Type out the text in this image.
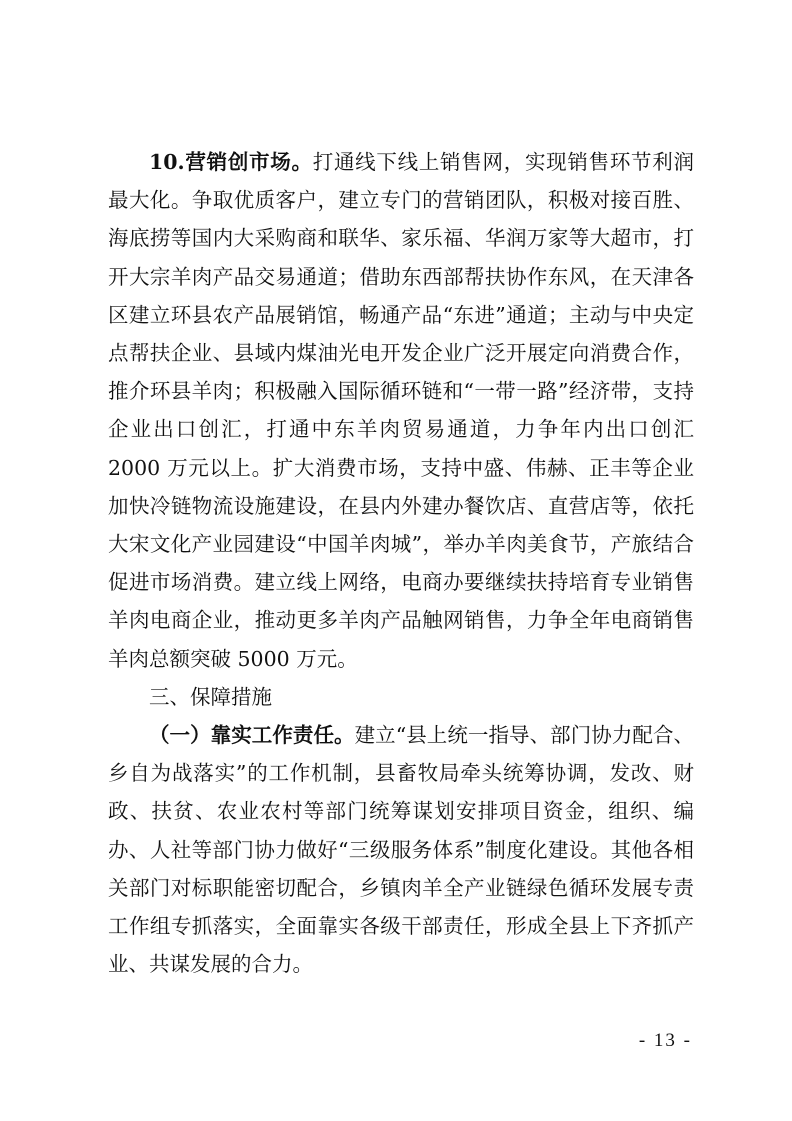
10.营销创市场。打通线下线上销售网，实现销售环节利润最大化。争取优质客户，建立专门的营销团队，积极对接百胜、海底捞等国内大采购商和联华、家乐福、华润万家等大超市，打开大宗羊肉产品交易通道；借助东西部帮扶协作东风，在天津各区建立环县农产品展销馆，畅通产品“东进”通道；主动与中央定点帮扶企业、县域内煤油光电开发企业广泛开展定向消费合作，推介环县羊肉；积极融入国际循环链和“一带一路”经济带，支持企业出口创汇，打通中东羊肉贸易通道，力争年内出口创汇 2000 万元以上。扩大消费市场，支持中盛、伟赫、正丰等企业加快冷链物流设施建设，在县内外建办餐饮店、直营店等，依托大宋文化产业园建设“中国羊肉城”，举办羊肉美食节，产旅结合促进市场消费。建立线上网络，电商办要继续扶持培育专业销售羊肉电商企业，推动更多羊肉产品触网销售，力争全年电商销售羊肉总额突破 5000 万元。

三、保障措施

（一）靠实工作责任。建立“县上统一指导、部门协力配合、乡自为战落实”的工作机制，县畜牧局牵头统筹协调，发改、财政、扶贫、农业农村等部门统筹谋划安排项目资金，组织、编办、人社等部门协力做好“三级服务体系”制度化建设。其他各相关部门对标职能密切配合，乡镇肉羊全产业链绿色循环发展专责工作组专抓落实，全面靠实各级干部责任，形成全县上下齐抓产业、共谋发展的合力。

- 13 -
